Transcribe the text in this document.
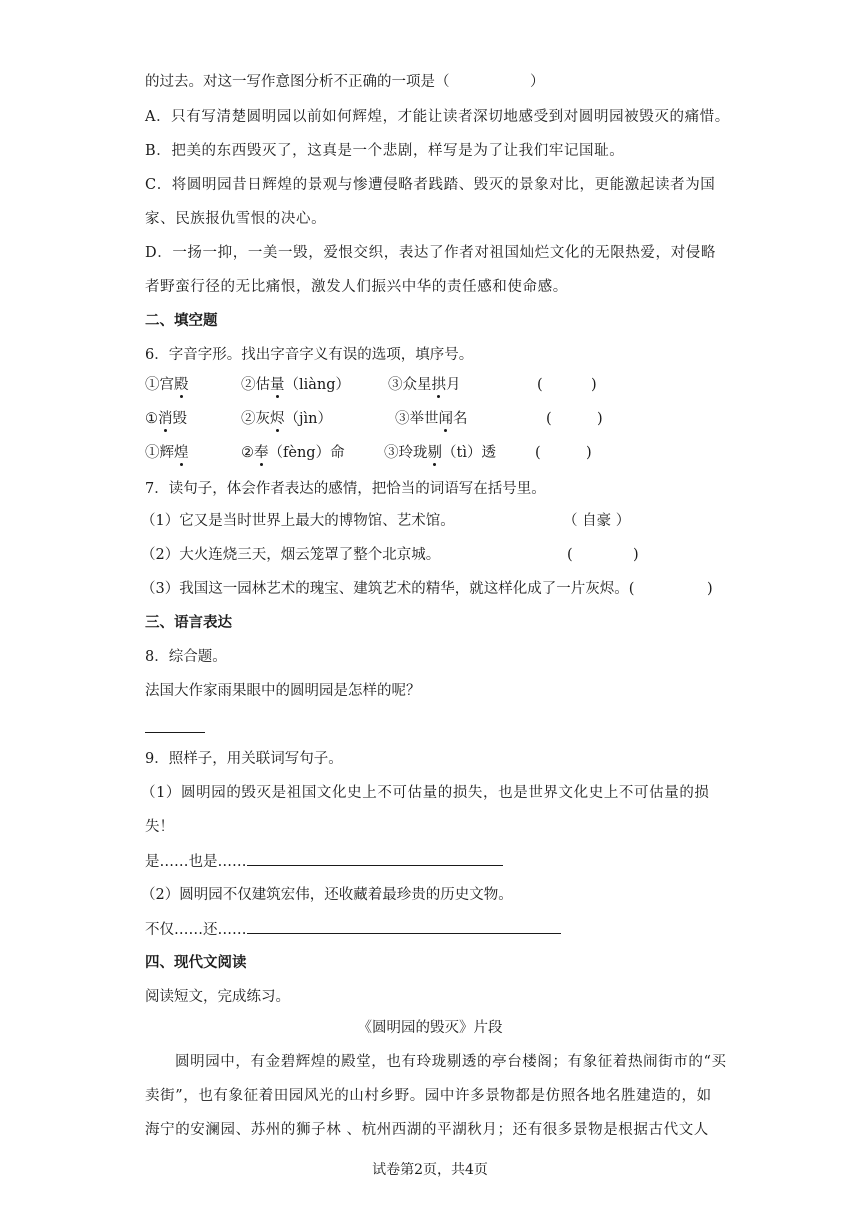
的过去。对这一写作意图分析不正确的一项是（	）
A．只有写清楚圆明园以前如何辉煌，才能让读者深切地感受到对圆明园被毁灭的痛惜。
B．把美的东西毁灭了，这真是一个悲剧，样写是为了让我们牢记国耻。
C．将圆明园昔日辉煌的景观与惨遭侵略者践踏、毁灭的景象对比，更能激起读者为国
家、民族报仇雪恨的决心。
D．一扬一抑，一美一毁，爱恨交织，表达了作者对祖国灿烂文化的无限热爱，对侵略
者野蛮行径的无比痛恨，激发人们振兴中华的责任感和使命感。
二、填空题
6．字音字形。找出字音字义有误的选项，填序号。
①宫殿	②估量（liàng）	③众星拱月	(	)
①消毁	②灰烬（jìn）	③举世闻名	(	)
①辉煌	②奉（fèng）命	③玲珑剔（tì）透	(	)
7．读句子，体会作者表达的感情，把恰当的词语写在括号里。
（1）它又是当时世界上最大的博物馆、艺术馆。	（ 自豪 ）
（2）大火连烧三天，烟云笼罩了整个北京城。	(	)
（3）我国这一园林艺术的瑰宝、建筑艺术的精华，就这样化成了一片灰烬。(	)
三、语言表达
8．综合题。
法国大作家雨果眼中的圆明园是怎样的呢？
9．照样子，用关联词写句子。
（1）圆明园的毁灭是祖国文化史上不可估量的损失，也是世界文化史上不可估量的损
失！
是……也是……
（2）圆明园不仅建筑宏伟，还收藏着最珍贵的历史文物。
不仅……还……
四、现代文阅读
阅读短文，完成练习。
《圆明园的毁灭》片段
圆明园中，有金碧辉煌的殿堂，也有玲珑剔透的亭台楼阁；有象征着热闹街市的“买
卖街”，也有象征着田园风光的山村乡野。园中许多景物都是仿照各地名胜建造的，如
海宁的安澜园、苏州的狮子林 、杭州西湖的平湖秋月；还有很多景物是根据古代文人
试卷第2页，共4页
